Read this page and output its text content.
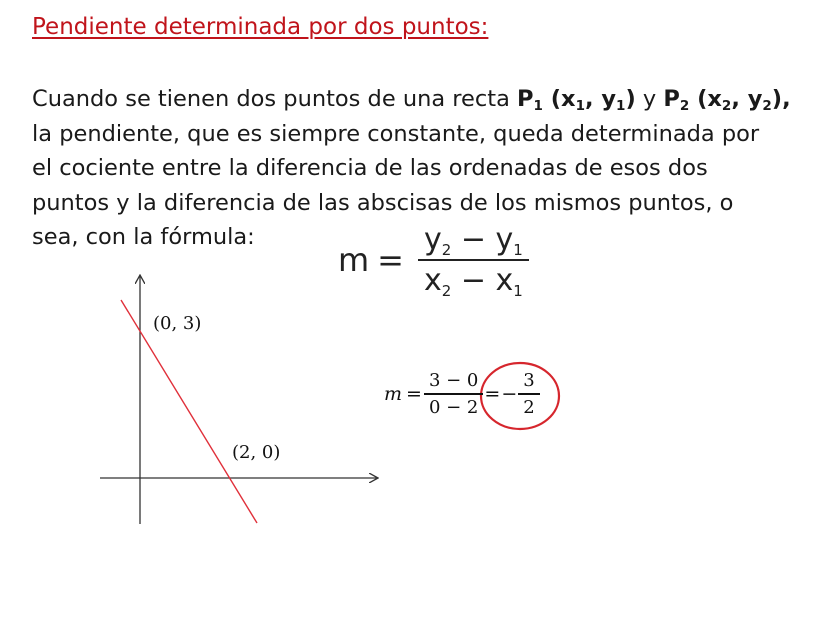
Pendiente determinada por dos puntos:
Cuando se tienen dos puntos de una recta $P_1$ ($x_1$, $y_1$) y $P_2$ ($x_2$, $y_2$),
la pendiente, que es siempre constante, queda determinada por
el cociente entre la diferencia de las ordenadas de esos dos
puntos y la diferencia de las abscisas de los mismos puntos, o
sea, con la fórmula:
$m = \frac{y_2 - y_1}{x_2 - x_1}$
(0, 3)
(2, 0)
$m = \frac{3 - 0}{0 - 2}$ = − $\frac{3}{2}$
